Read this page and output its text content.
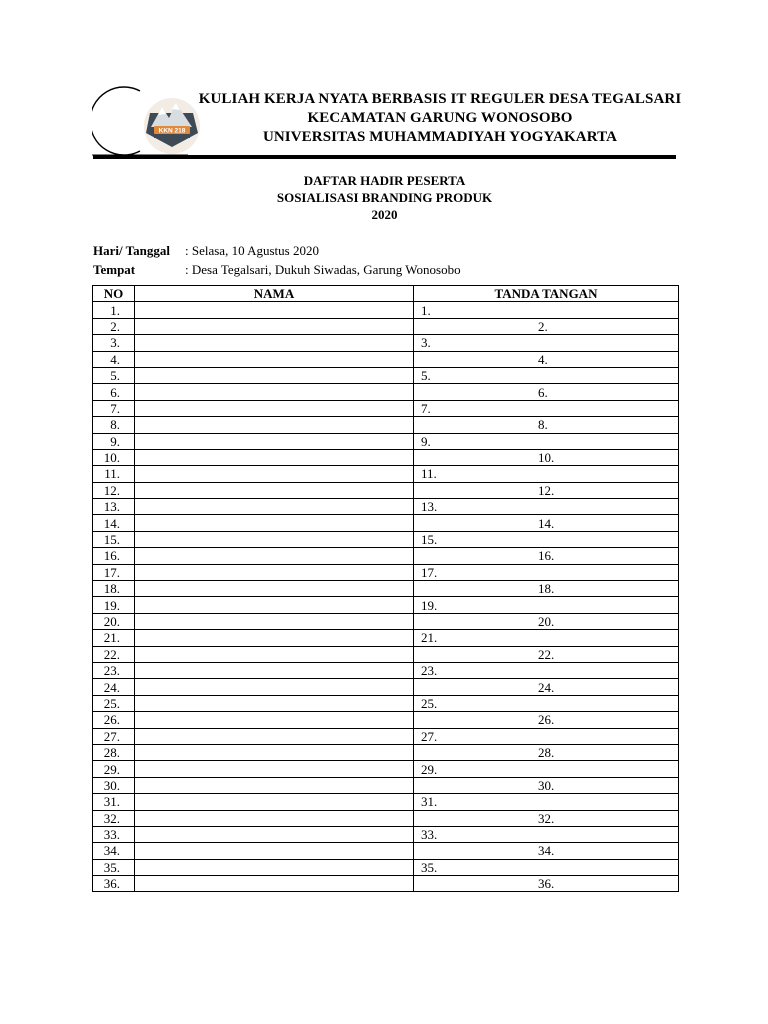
KKN 218
KULIAH KERJA NYATA BERBASIS IT REGULER DESA TEGALSARI
KECAMATAN GARUNG WONOSOBO
UNIVERSITAS MUHAMMADIYAH YOGYAKARTA
DAFTAR HADIR PESERTA
SOSIALISASI BRANDING PRODUK
2020
Hari/ Tanggal : Selasa, 10 Agustus 2020
Tempat	: Desa Tegalsari, Dukuh Siwadas, Garung Wonosobo
NO	NAMA	TANDA TANGAN
1.		1.
2.		2.
3.		3.
4.		4.
5.		5.
6.		6.
7.		7.
8.		8.
9.		9.
10.		10.
11.		11.
12.		12.
13.		13.
14.		14.
15.		15.
16.		16.
17.		17.
18.		18.
19.		19.
20.		20.
21.		21.
22.		22.
23.		23.
24.		24.
25.		25.
26.		26.
27.		27.
28.		28.
29.		29.
30.		30.
31.		31.
32.		32.
33.		33.
34.		34.
35.		35.
36.		36.
